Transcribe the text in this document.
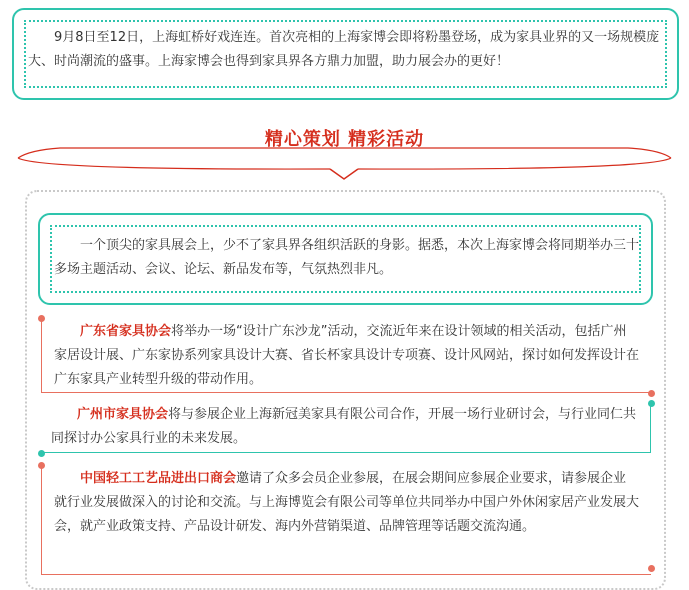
9月8日至12日，上海虹桥好戏连连。首次亮相的上海家博会即将粉墨登场，成为家具业界的又一场规模庞大、时尚潮流的盛事。上海家博会也得到家具界各方鼎力加盟，助力展会办的更好！

精心策划 精彩活动

一个顶尖的家具展会上，少不了家具界各组织活跃的身影。据悉，本次上海家博会将同期举办三十多场主题活动、会议、论坛、新品发布等，气氛热烈非凡。

广东省家具协会将举办一场“设计广东沙龙”活动，交流近年来在设计领域的相关活动，包括广州家居设计展、广东家协系列家具设计大赛、省长杯家具设计专项赛、设计风网站，探讨如何发挥设计在广东家具产业转型升级的带动作用。

广州市家具协会将与参展企业上海新冠美家具有限公司合作，开展一场行业研讨会，与行业同仁共同探讨办公家具行业的未来发展。

中国轻工工艺品进出口商会邀请了众多会员企业参展，在展会期间应参展企业要求，请参展企业就行业发展做深入的讨论和交流。与上海博览会有限公司等单位共同举办中国户外休闲家居产业发展大会，就产业政策支持、产品设计研发、海内外营销渠道、品牌管理等话题交流沟通。
